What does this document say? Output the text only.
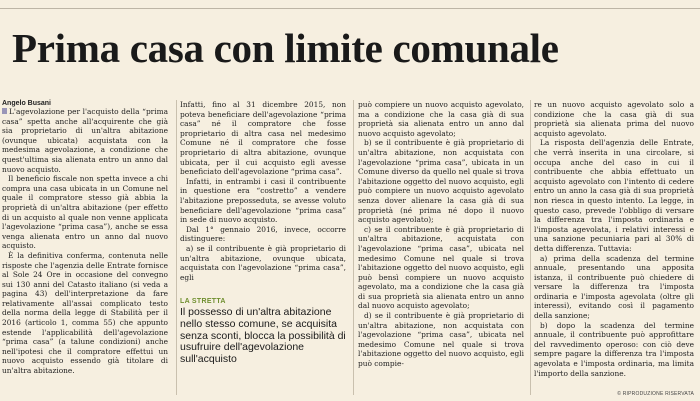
Prima casa con limite comunale
Angelo Busani

L'agevolazione per l'acquisto della “prima casa” spetta anche all'acquirente che già sia proprietario di un'altra abitazione (ovunque ubicata) acquistata con la medesima agevolazione, a condizione che quest'ultima sia alienata entro un anno dal nuovo acquisto.

Il beneficio fiscale non spetta invece a chi compra una casa ubicata in un Comune nel quale il compratore stesso già abbia la proprietà di un'altra abitazione (per effetto di un acquisto al quale non venne applicata l'agevolazione “prima casa”), anche se essa venga alienata entro un anno dal nuovo acquisto.

È la definitiva conferma, contenuta nelle risposte che l'agenzia delle Entrate fornisce al Sole 24 Ore in occasione del convegno sui 130 anni del Catasto italiano (si veda a pagina 43) dell'interpretazione da fare relativamente all'assai complicato testo della norma della legge di Stabilità per il 2016 (articolo 1, comma 55) che appunto estende l'applicabilità dell'agevolazione “prima casa” (a talune condizioni) anche nell'ipotesi che il compratore effettui un nuovo acquisto essendo già titolare di un'altra abitazione.

Infatti, fino al 31 dicembre 2015, non poteva beneficiare dell'agevolazione “prima casa” né il compratore che fosse proprietario di altra casa nel medesimo Comune né il compratore che fosse proprietario di altra abitazione, ovunque ubicata, per il cui acquisto egli avesse beneficiato dell'agevolazione “prima casa”.

Infatti, in entrambi i casi il contribuente in questione era “costretto” a vendere l'abitazione preposseduta, se avesse voluto beneficiare dell'agevolazione “prima casa” in sede di nuovo acquisto.

Dal 1° gennaio 2016, invece, occorre distinguere:

a) se il contribuente è già proprietario di un'altra abitazione, ovunque ubicata, acquistata con l'agevolazione “prima casa”, egli

LA STRETTA
Il possesso di un'altra abitazione nello stesso comune, se acquisita senza sconti, blocca la possibilità di usufruire dell'agevolazione sull'acquisto

può compiere un nuovo acquisto agevolato, ma a condizione che la casa già di sua proprietà sia alienata entro un anno dal nuovo acquisto agevolato;

b) se il contribuente è già proprietario di un'altra abitazione, non acquistata con l'agevolazione “prima casa”, ubicata in un Comune diverso da quello nel quale si trova l'abitazione oggetto del nuovo acquisto, egli può compiere un nuovo acquisto agevolato senza dover alienare la casa già di sua proprietà (né prima né dopo il nuovo acquisto agevolato);

c) se il contribuente è già proprietario di un'altra abitazione, acquistata con l'agevolazione “prima casa”, ubicata nel medesimo Comune nel quale si trova l'abitazione oggetto del nuovo acquisto, egli può bensì compiere un nuovo acquisto agevolato, ma a condizione che la casa già di sua proprietà sia alienata entro un anno dal nuovo acquisto agevolato;

d) se il contribuente è già proprietario di un'altra abitazione, non acquistata con l'agevolazione “prima casa”, ubicata nel medesimo Comune nel quale si trova l'abitazione oggetto del nuovo acquisto, egli può compie-

re un nuovo acquisto agevolato solo a condizione che la casa già di sua proprietà sia alienata prima del nuovo acquisto agevolato.

La risposta dell'agenzia delle Entrate, che verrà inserita in una circolare, si occupa anche del caso in cui il contribuente che abbia effettuato un acquisto agevolato con l'intento di cedere entro un anno la casa già di sua proprietà non riesca in questo intento. La legge, in questo caso, prevede l'obbligo di versare la differenza tra l'imposta ordinaria e l'imposta agevolata, i relativi interessi e una sanzione pecuniaria pari al 30% di detta differenza. Tuttavia:

a) prima della scadenza del termine annuale, presentando una apposita istanza, il contribuente può chiedere di versare la differenza tra l'imposta ordinaria e l'imposta agevolata (oltre gli interessi), evitando così il pagamento della sanzione;

b) dopo la scadenza del termine annuale, il contribuente può approfittare del ravvedimento operoso: con ciò deve sempre pagare la differenza tra l'imposta agevolata e l'imposta ordinaria, ma limita l'importo della sanzione.

© RIPRODUZIONE RISERVATA
